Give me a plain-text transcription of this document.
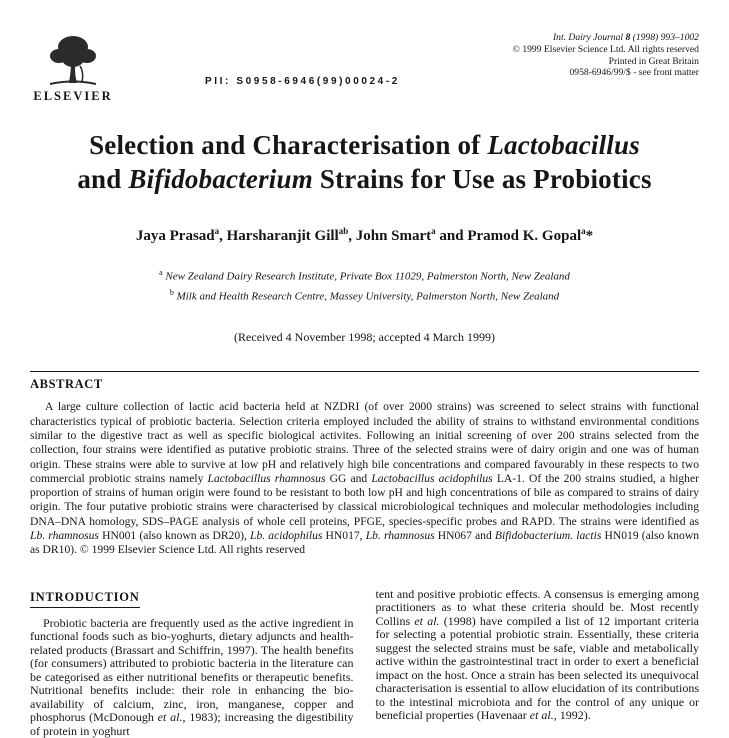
ELSEVIER
PII: S0958-6946(99)00024-2
Int. Dairy Journal 8 (1998) 993–1002
© 1999 Elsevier Science Ltd. All rights reserved
Printed in Great Britain
0958-6946/99/$ - see front matter
Selection and Characterisation of Lactobacillus
and Bifidobacterium Strains for Use as Probiotics
Jaya Prasad$^a$, Harsharanjit Gill$^{ab}$, John Smart$^a$ and Pramod K. Gopal$^a$*
$^a$ New Zealand Dairy Research Institute, Private Box 11029, Palmerston North, New Zealand
$^b$ Milk and Health Research Centre, Massey University, Palmerston North, New Zealand
(Received 4 November 1998; accepted 4 March 1999)
ABSTRACT

A large culture collection of lactic acid bacteria held at NZDRI (of over 2000 strains) was screened to select strains with functional characteristics typical of probiotic bacteria. Selection criteria employed included the ability of strains to withstand environmental conditions similar to the digestive tract as well as specific biological activites. Following an initial screening of over 200 strains selected from the collection, four strains were identified as putative probiotic strains. Three of the selected strains were of dairy origin and one was of human origin. These strains were able to survive at low pH and relatively high bile concentrations and compared favourably in these respects to two commercial probiotic strains namely Lactobacillus rhamnosus GG and Lactobacillus acidophilus LA-1. Of the 200 strains studied, a higher proportion of strains of human origin were found to be resistant to both low pH and high concentrations of bile as compared to strains of dairy origin. The four putative probiotic strains were characterised by classical microbiological techniques and molecular methodologies including DNA–DNA homology, SDS–PAGE analysis of whole cell proteins, PFGE, species-specific probes and RAPD. The strains were identified as Lb. rhamnosus HN001 (also known as DR20), Lb. acidophilus HN017, Lb. rhamnosus HN067 and Bifidobacterium. lactis HN019 (also known as DR10). © 1999 Elsevier Science Ltd. All rights reserved

INTRODUCTION

Probiotic bacteria are frequently used as the active ingredient in functional foods such as bio-yoghurts, dietary adjuncts and health-related products (Brassart and Schiffrin, 1997). The health benefits (for consumers) attributed to probiotic bacteria in the literature can be categorised as either nutritional benefits or therapeutic benefits. Nutritional benefits include: their role in enhancing the bio-availability of calcium, zinc, iron, manganese, copper and phosphorus (McDonough et al., 1983); increasing the digestibility of protein in yoghurt

tent and positive probiotic effects. A consensus is emerging among practitioners as to what these criteria should be. Most recently Collins et al. (1998) have compiled a list of 12 important criteria for selecting a potential probiotic strain. Essentially, these criteria suggest the selected strains must be safe, viable and metabolically active within the gastrointestinal tract in order to exert a beneficial impact on the host. Once a strain has been selected its unequivocal characterisation is essential to allow elucidation of its contributions to the intestinal microbiota and for the control of any unique or beneficial properties (Havenaar et al., 1992).
